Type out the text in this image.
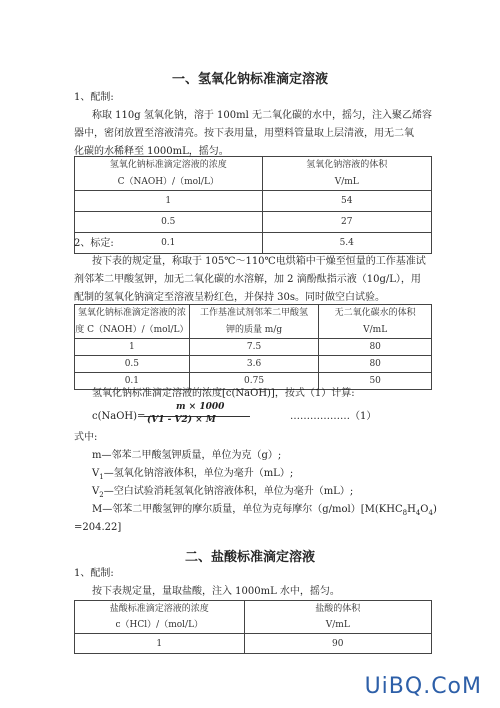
一、氢氧化钠标准滴定溶液
1、配制:
称取 110g 氢氧化钠，溶于 100ml 无二氧化碳的水中，摇匀，注入聚乙烯容
器中，密闭放置至溶液清亮。按下表用量，用塑料管量取上层清液，用无二氧
化碳的水稀释至 1000mL，摇匀。
氢氧化钠标准滴定溶液的浓度	氢氧化钠溶液的体积
C（NAOH）/（mol/L）	V/mL
1	54
0.5	27
0.1	5.4
2、标定:
按下表的规定量，称取于 105℃～110℃电烘箱中干燥至恒量的工作基准试
剂邻苯二甲酸氢钾，加无二氧化碳的水溶解，加 2 滴酚酞指示液（10g/L），用
配制的氢氧化钠滴定至溶液呈粉红色，并保持 30s。同时做空白试验。
氢氧化钠标准滴定溶液的浓	工作基准试剂邻苯二甲酸氢	无二氧化碳水的体积
度 C（NAOH）/（mol/L）	钾的质量 m/g	V/mL
1	7.5	80
0.5	3.6	80
0.1	0.75	50
氢氧化钠标准滴定溶液的浓度[c(NaOH)]，按式（1）计算:
m × 1000
c(NaOH)= (V1 - V2) × M	………………（1）
式中:
m—邻苯二甲酸氢钾质量，单位为克（g）;
$V_1—$氢氧化钠溶液体积，单位为毫升（mL）;
$V_2—$空白试验消耗氢氧化钠溶液体积，单位为毫升（mL）;
M—邻苯二甲酸氢钾的摩尔质量，单位为克每摩尔$(g/mol)[M(KHC_8H_4O_4)$
=204.22]
二、盐酸标准滴定溶液
1、配制:
按下表规定量，量取盐酸，注入 1000mL 水中，摇匀。
盐酸标准滴定溶液的浓度	盐酸的体积
c（HCl）/（mol/L）	V/mL
1	90
UiBQ.CoM
